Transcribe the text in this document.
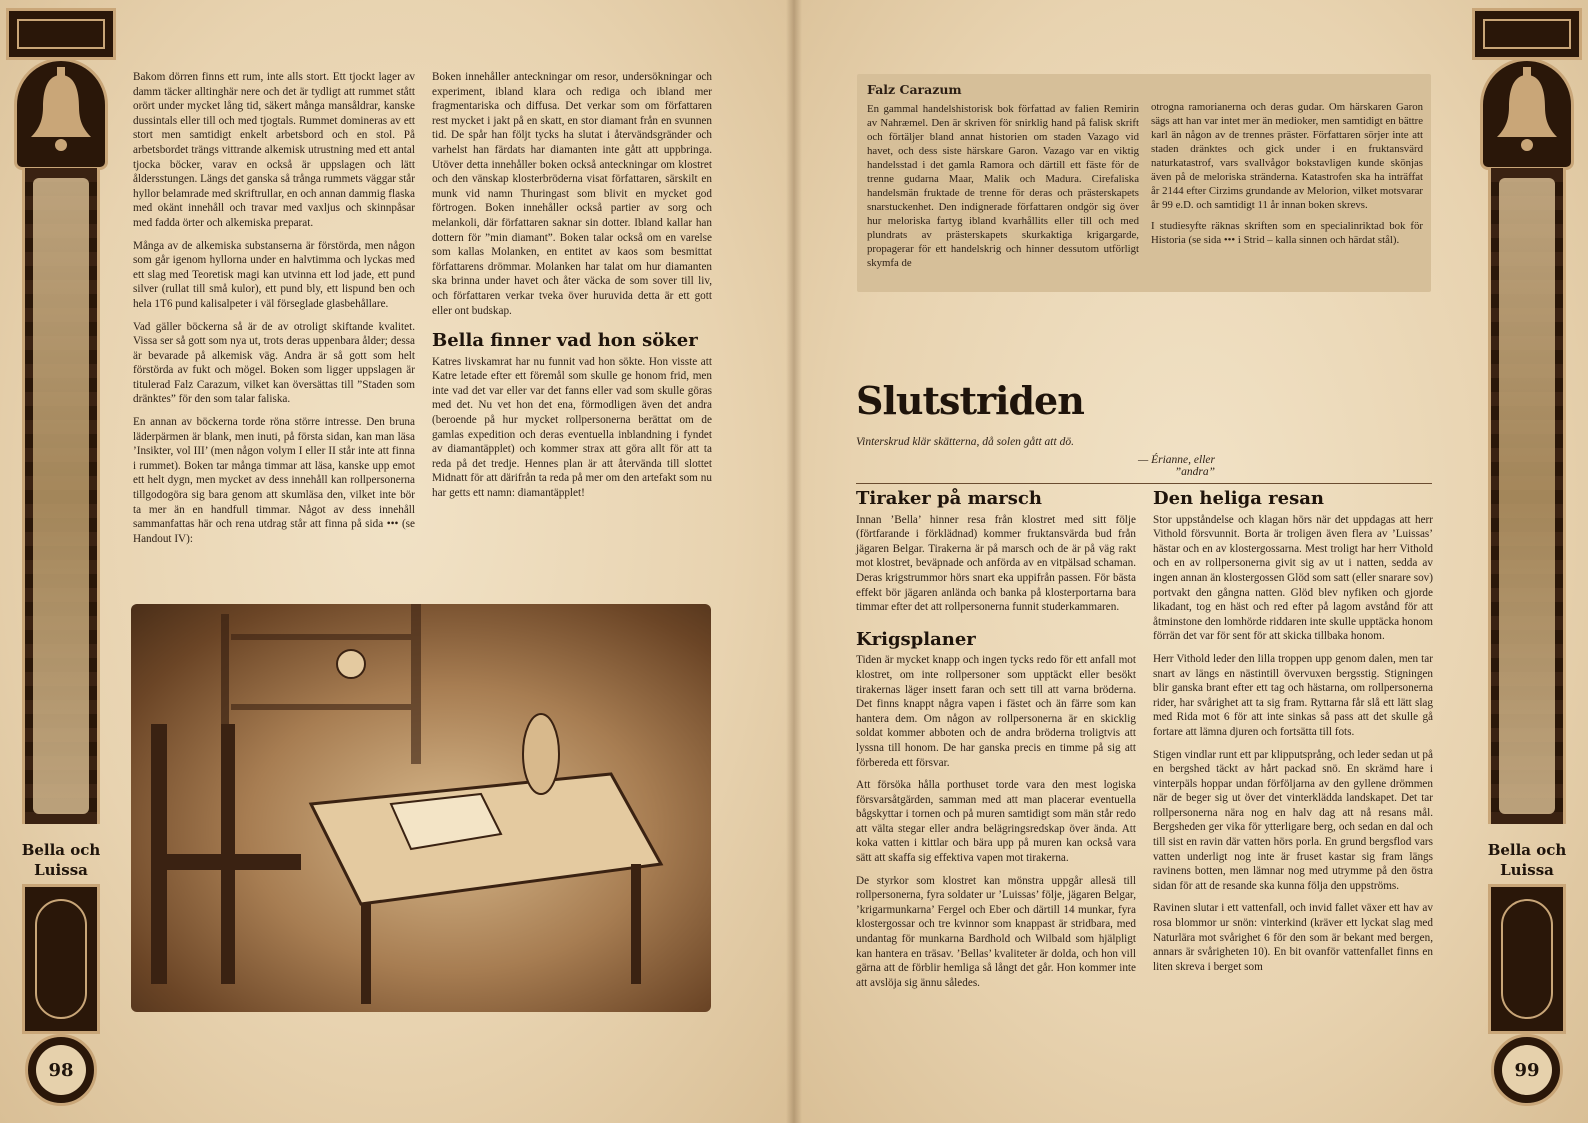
Bella och
Luissa
98
Bella och
Luissa
99

Bakom dörren finns ett rum, inte alls stort. Ett tjockt lager av damm täcker alltinghär nere och det är tydligt att rummet stått orört under mycket lång tid, säkert många mansåldrar, kanske dussintals eller till och med tjogtals. Rummet domineras av ett stort men samtidigt enkelt arbetsbord och en stol. På arbetsbordet trängs vittrande alkemisk utrustning med ett antal tjocka böcker, varav en också är uppslagen och lätt åldersstungen. Längs det ganska så trånga rummets väggar står hyllor belamrade med skriftrullar, en och annan dammig flaska med okänt innehåll och travar med vaxljus och skinnpåsar med fadda örter och alkemiska preparat.

Många av de alkemiska substanserna är förstörda, men någon som går igenom hyllorna under en halvtimma och lyckas med ett slag med Teoretisk magi kan utvinna ett lod jade, ett pund silver (rullat till små kulor), ett pund bly, ett lispund ben och hela 1T6 pund kalisalpeter i väl förseglade glasbehållare.

Vad gäller böckerna så är de av otroligt skiftande kvalitet. Vissa ser så gott som nya ut, trots deras uppenbara ålder; dessa är bevarade på alkemisk väg. Andra är så gott som helt förstörda av fukt och mögel. Boken som ligger uppslagen är titulerad Falz Carazum, vilket kan översättas till ”Staden som dränktes” för den som talar faliska.

En annan av böckerna torde röna större intresse. Den bruna läderpärmen är blank, men inuti, på första sidan, kan man läsa ’Insikter, vol III’ (men någon volym I eller II står inte att finna i rummet). Boken tar många timmar att läsa, kanske upp emot ett helt dygn, men mycket av dess innehåll kan rollpersonerna tillgodogöra sig bara genom att skumläsa den, vilket inte bör ta mer än en handfull timmar. Något av dess innehåll sammanfattas här och rena utdrag står att finna på sida ••• (se Handout IV):

Boken innehåller anteckningar om resor, undersökningar och experiment, ibland klara och rediga och ibland mer fragmentariska och diffusa. Det verkar som om författaren rest mycket i jakt på en skatt, en stor diamant från en svunnen tid. De spår han följt tycks ha slutat i återvändsgränder och varhelst han färdats har diamanten inte gått att uppbringa. Utöver detta innehåller boken också anteckningar om klostret och den vänskap klosterbröderna visat författaren, särskilt en munk vid namn Thuringast som blivit en mycket god förtrogen. Boken innehåller också partier av sorg och melankoli, där författaren saknar sin dotter. Ibland kallar han dottern för ”min diamant”. Boken talar också om en varelse som kallas Molanken, en entitet av kaos som besmittat författarens drömmar. Molanken har talat om hur diamanten ska brinna under havet och åter väcka de som sover till liv, och författaren verkar tveka över huruvida detta är ett gott eller ont budskap.

Bella finner vad hon söker

Katres livskamrat har nu funnit vad hon sökte. Hon visste att Katre letade efter ett föremål som skulle ge honom frid, men inte vad det var eller var det fanns eller vad som skulle göras med det. Nu vet hon det ena, förmodligen även det andra (beroende på hur mycket rollpersonerna berättat om de gamlas expedition och deras eventuella inblandning i fyndet av diamantäpplet) och kommer strax att göra allt för att ta reda på det tredje. Hennes plan är att återvända till slottet Midnatt för att därifrån ta reda på mer om den artefakt som nu har getts ett namn: diamantäpplet!

Falz Carazum

En gammal handelshistorisk bok författad av falien Remirin av Nahræmel. Den är skriven för snirklig hand på falisk skrift och förtäljer bland annat historien om staden Vazago vid havet, och dess siste härskare Garon. Vazago var en viktig handelsstad i det gamla Ramora och därtill ett fäste för de trenne gudarna Maar, Malik och Madura. Cirefaliska handelsmän fruktade de trenne för deras och prästerskapets snarstuckenhet. Den indignerade författaren ondgör sig över hur meloriska fartyg ibland kvarhållits eller till och med plundrats av prästerskapets skurkaktiga krigargarde, propagerar för ett handelskrig och hinner dessutom utförligt skymfa de

otrogna ramorianerna och deras gudar. Om härskaren Garon sägs att han var intet mer än medioker, men samtidigt en bättre karl än någon av de trennes präster. Författaren sörjer inte att staden dränktes och gick under i en fruktansvärd naturkatastrof, vars svallvågor bokstavligen kunde skönjas även på de meloriska stränderna. Katastrofen ska ha inträffat år 2144 efter Cirzims grundande av Melorion, vilket motsvarar år 99 e.D. och samtidigt 11 år innan boken skrevs.

I studiesyfte räknas skriften som en specialinriktad bok för Historia (se sida ••• i Strid – kalla sinnen och härdat stål).

Slutstriden
Vinterskrud klär skätterna, då solen gått att dö.
— Érianne, eller ”andra”
Tiraker på marsch

Innan ’Bella’ hinner resa från klostret med sitt följe (förtfarande i förklädnad) kommer fruktansvärda bud från jägaren Belgar. Tirakerna är på marsch och de är på väg rakt mot klostret, beväpnade och anförda av en vitpälsad schaman. Deras krigstrummor hörs snart eka uppifrån passen. För bästa effekt bör jägaren anlända och banka på klosterportarna bara timmar efter det att rollpersonerna funnit studerkammaren.

Krigsplaner

Tiden är mycket knapp och ingen tycks redo för ett anfall mot klostret, om inte rollpersoner som upptäckt eller besökt tirakernas läger insett faran och sett till att varna bröderna. Det finns knappt några vapen i fästet och än färre som kan hantera dem. Om någon av rollpersonerna är en skicklig soldat kommer abboten och de andra bröderna troligtvis att lyssna till honom. De har ganska precis en timme på sig att förbereda ett försvar.

Att försöka hålla porthuset torde vara den mest logiska försvarsåtgärden, samman med att man placerar eventuella bågskyttar i tornen och på muren samtidigt som män står redo att välta stegar eller andra belägringsredskap över ända. Att koka vatten i kittlar och bära upp på muren kan också vara sätt att skaffa sig effektiva vapen mot tirakerna.

De styrkor som klostret kan mönstra uppgår allesä till rollpersonerna, fyra soldater ur ’Luissas’ följe, jägaren Belgar, ’krigarmunkarna’ Fergel och Eber och därtill 14 munkar, fyra klostergossar och tre kvinnor som knappast är stridbara, med undantag för munkarna Bardhold och Wilbald som hjälpligt kan hantera en träsav. ’Bellas’ kvaliteter är dolda, och hon vill gärna att de förblir hemliga så långt det går. Hon kommer inte att avslöja sig ännu således.

Den heliga resan

Stor uppståndelse och klagan hörs när det uppdagas att herr Vithold försvunnit. Borta är troligen även flera av ’Luissas’ hästar och en av klostergossarna. Mest troligt har herr Vithold och en av rollpersonerna givit sig av ut i natten, sedda av ingen annan än klostergossen Glöd som satt (eller snarare sov) portvakt den gångna natten. Glöd blev nyfiken och gjorde likadant, tog en häst och red efter på lagom avstånd för att åtminstone den lomhörde riddaren inte skulle upptäcka honom förrän det var för sent för att skicka tillbaka honom.

Herr Vithold leder den lilla troppen upp genom dalen, men tar snart av längs en nästintill övervuxen bergsstig. Stigningen blir ganska brant efter ett tag och hästarna, om rollpersonerna rider, har svårighet att ta sig fram. Ryttarna får slå ett lätt slag med Rida mot 6 för att inte sinkas så pass att det skulle gå fortare att lämna djuren och fortsätta till fots.

Stigen vindlar runt ett par klipputsprång, och leder sedan ut på en bergshed täckt av hårt packad snö. En skrämd hare i vinterpäls hoppar undan förföljarna av den gyllene drömmen när de beger sig ut över det vinterklädda landskapet. Det tar rollpersonerna nära nog en halv dag att nå resans mål. Bergsheden ger vika för ytterligare berg, och sedan en dal och till sist en ravin där vatten hörs porla. En grund bergsflod vars vatten underligt nog inte är fruset kastar sig fram längs ravinens botten, men lämnar nog med utrymme på den östra sidan för att de resande ska kunna följa den uppströms.

Ravinen slutar i ett vattenfall, och invid fallet växer ett hav av rosa blommor ur snön: vinterkind (kräver ett lyckat slag med Naturlära mot svårighet 6 för den som är bekant med bergen, annars är svårigheten 10). En bit ovanför vattenfallet finns en liten skreva i berget som
